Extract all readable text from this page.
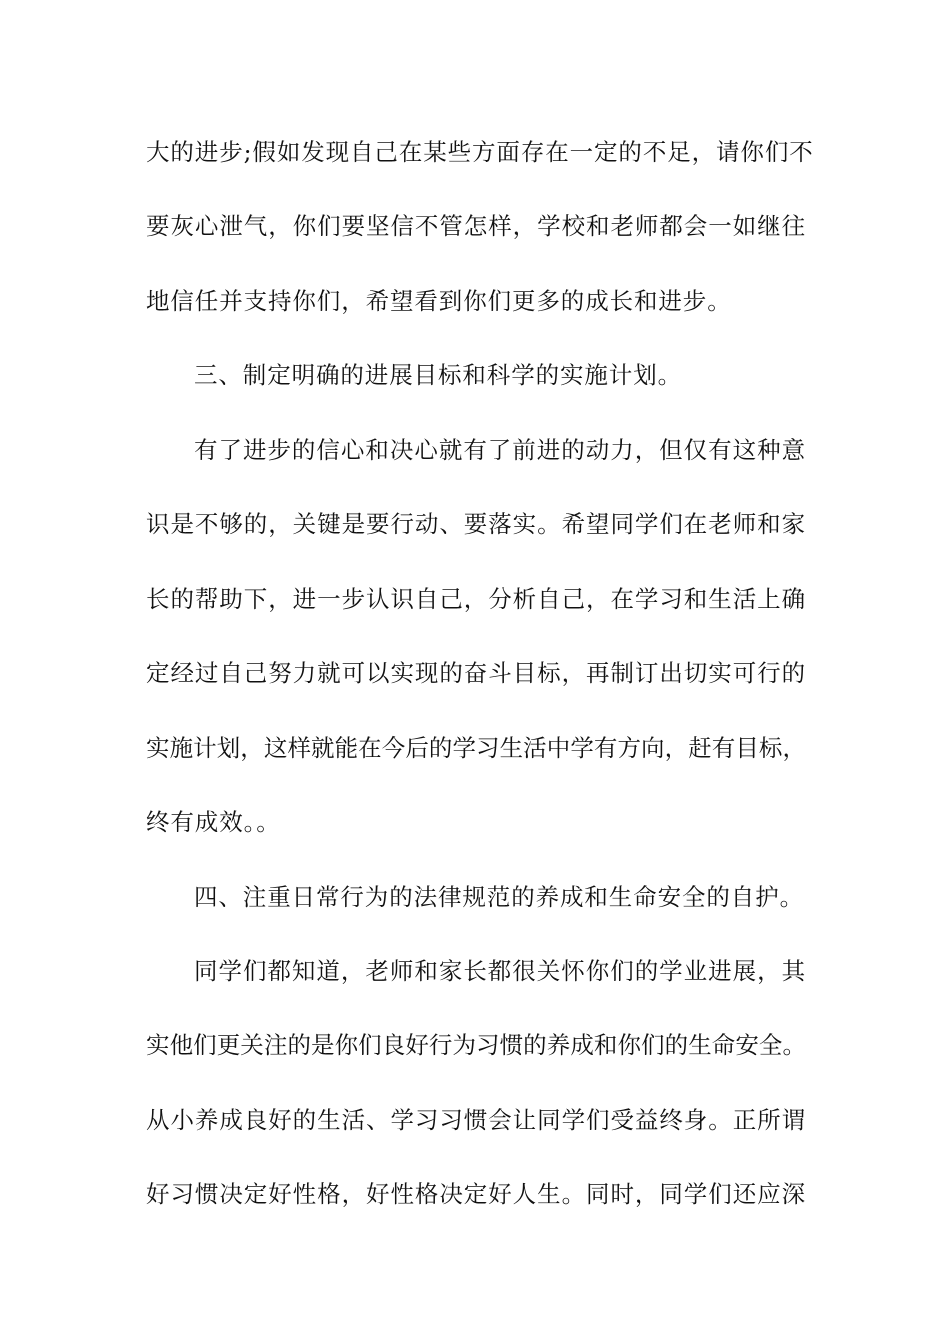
大的进步;假如发现自己在某些方面存在一定的不足，请你们不
要灰心泄气，你们要坚信不管怎样，学校和老师都会一如继往
地信任并支持你们，希望看到你们更多的成长和进步。
三、制定明确的进展目标和科学的实施计划。
有了进步的信心和决心就有了前进的动力，但仅有这种意
识是不够的，关键是要行动、要落实。希望同学们在老师和家
长的帮助下，进一步认识自己，分析自己，在学习和生活上确
定经过自己努力就可以实现的奋斗目标，再制订出切实可行的
实施计划，这样就能在今后的学习生活中学有方向，赶有目标，
终有成效。。
四、注重日常行为的法律规范的养成和生命安全的自护。
同学们都知道，老师和家长都很关怀你们的学业进展，其
实他们更关注的是你们良好行为习惯的养成和你们的生命安全。
从小养成良好的生活、学习习惯会让同学们受益终身。正所谓
好习惯决定好性格，好性格决定好人生。同时，同学们还应深
